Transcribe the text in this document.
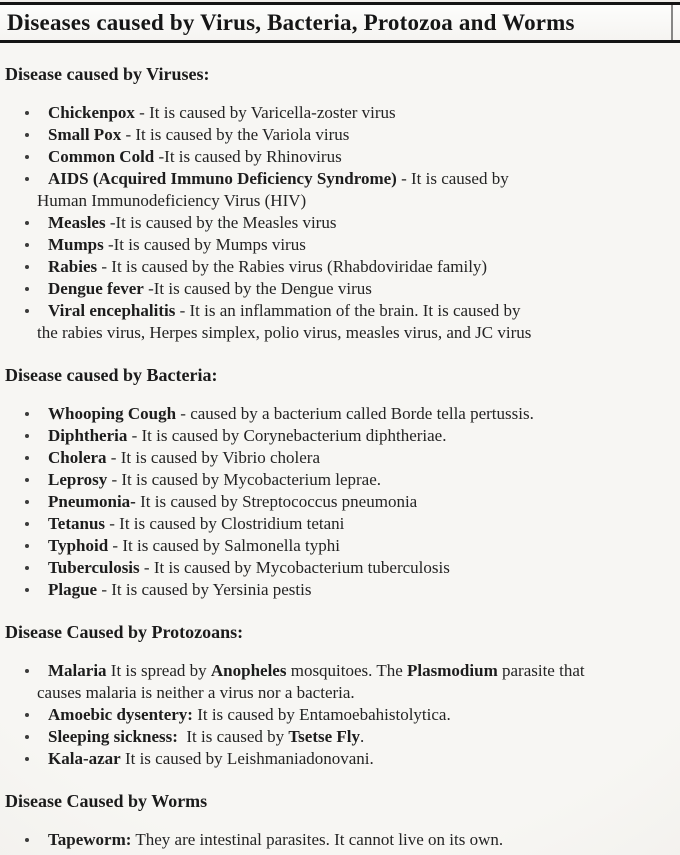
Diseases caused by Virus, Bacteria, Protozoa and Worms
Disease caused by Viruses:
Chickenpox - It is caused by Varicella-zoster virus
Small Pox - It is caused by the Variola virus
Common Cold -It is caused by Rhinovirus
AIDS (Acquired Immuno Deficiency Syndrome) - It is caused by
Human Immunodeficiency Virus (HIV)
Measles -It is caused by the Measles virus
Mumps -It is caused by Mumps virus
Rabies - It is caused by the Rabies virus (Rhabdoviridae family)
Dengue fever -It is caused by the Dengue virus
Viral encephalitis - It is an inflammation of the brain. It is caused by
the rabies virus, Herpes simplex, polio virus, measles virus, and JC virus
Disease caused by Bacteria:
Whooping Cough - caused by a bacterium called Borde tella pertussis.
Diphtheria - It is caused by Corynebacterium diphtheriae.
Cholera - It is caused by Vibrio cholera
Leprosy - It is caused by Mycobacterium leprae.
Pneumonia- It is caused by Streptococcus pneumonia
Tetanus - It is caused by Clostridium tetani
Typhoid - It is caused by Salmonella typhi
Tuberculosis - It is caused by Mycobacterium tuberculosis
Plague - It is caused by Yersinia pestis
Disease Caused by Protozoans:
Malaria It is spread by Anopheles mosquitoes. The Plasmodium parasite that
causes malaria is neither a virus nor a bacteria.
Amoebic dysentery: It is caused by Entamoebahistolytica.
Sleeping sickness:  It is caused by Tsetse Fly.
Kala-azar It is caused by Leishmaniadonovani.
Disease Caused by Worms
Tapeworm: They are intestinal parasites. It cannot live on its own.
